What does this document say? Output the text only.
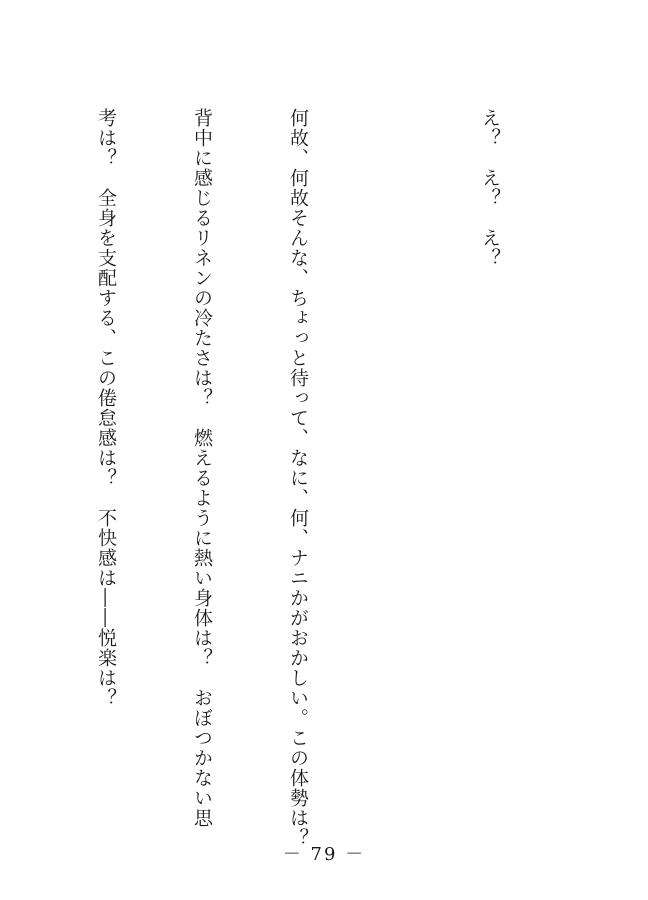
え？　え？　え？

何故、何故そんな、ちょっと待って、なに、何、ナニかがおかしい。この体勢は？

背中に感じるリネンの冷たさは？　燃えるように熱い身体は？　おぼつかない思

考は？　全身を支配する、この倦怠感は？　不快感は――悦楽は？

－ 79 －
